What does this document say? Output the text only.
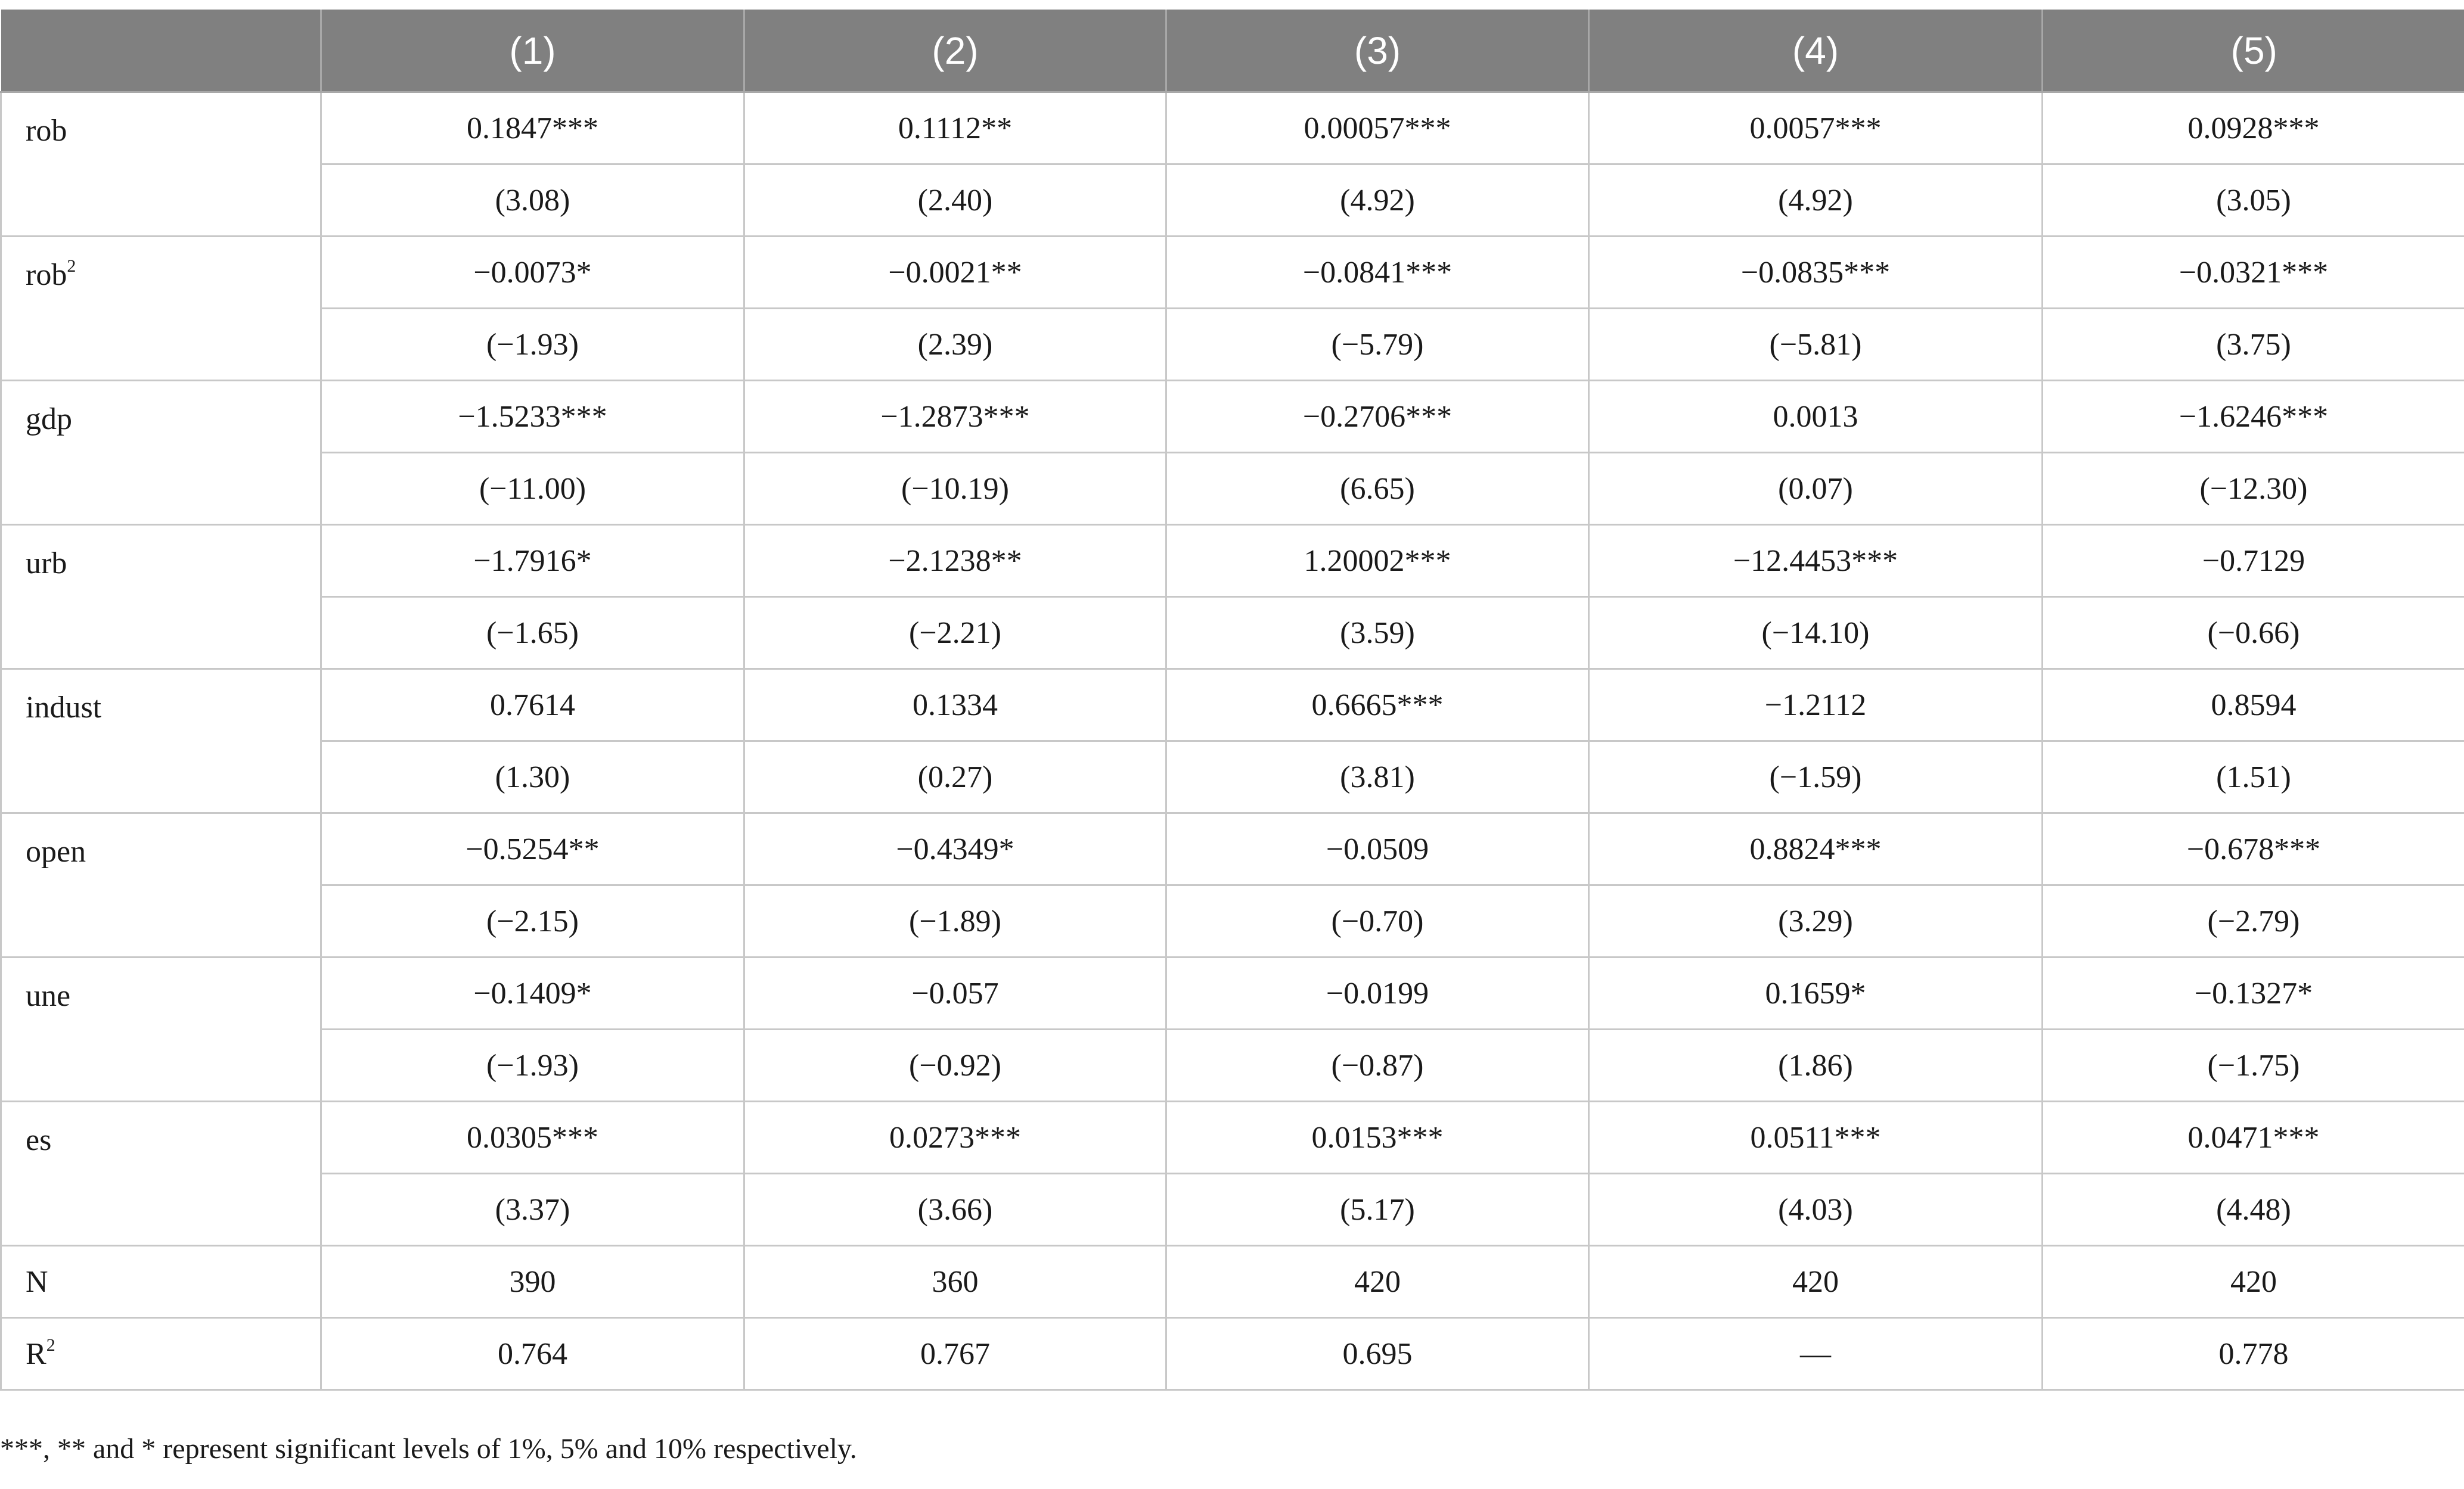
	(1)	(2)	(3)	(4)	(5)
rob	0.1847***	0.1112**	0.00057***	0.0057***	0.0928***
	(3.08)	(2.40)	(4.92)	(4.92)	(3.05)
rob$^2$	−0.0073*	−0.0021**	−0.0841***	−0.0835***	−0.0321***
	(−1.93)	(2.39)	(−5.79)	(−5.81)	(3.75)
gdp	−1.5233***	−1.2873***	−0.2706***	0.0013	−1.6246***
	(−11.00)	(−10.19)	(6.65)	(0.07)	(−12.30)
urb	−1.7916*	−2.1238**	1.20002***	−12.4453***	−0.7129
	(−1.65)	(−2.21)	(3.59)	(−14.10)	(−0.66)
indust	0.7614	0.1334	0.6665***	−1.2112	0.8594
	(1.30)	(0.27)	(3.81)	(−1.59)	(1.51)
open	−0.5254**	−0.4349*	−0.0509	0.8824***	−0.678***
	(−2.15)	(−1.89)	(−0.70)	(3.29)	(−2.79)
une	−0.1409*	−0.057	−0.0199	0.1659*	−0.1327*
	(−1.93)	(−0.92)	(−0.87)	(1.86)	(−1.75)
es	0.0305***	0.0273***	0.0153***	0.0511***	0.0471***
	(3.37)	(3.66)	(5.17)	(4.03)	(4.48)
N	390	360	420	420	420
$R^2$	0.764	0.767	0.695	—	0.778
***, ** and * represent significant levels of 1%, 5% and 10% respectively.
